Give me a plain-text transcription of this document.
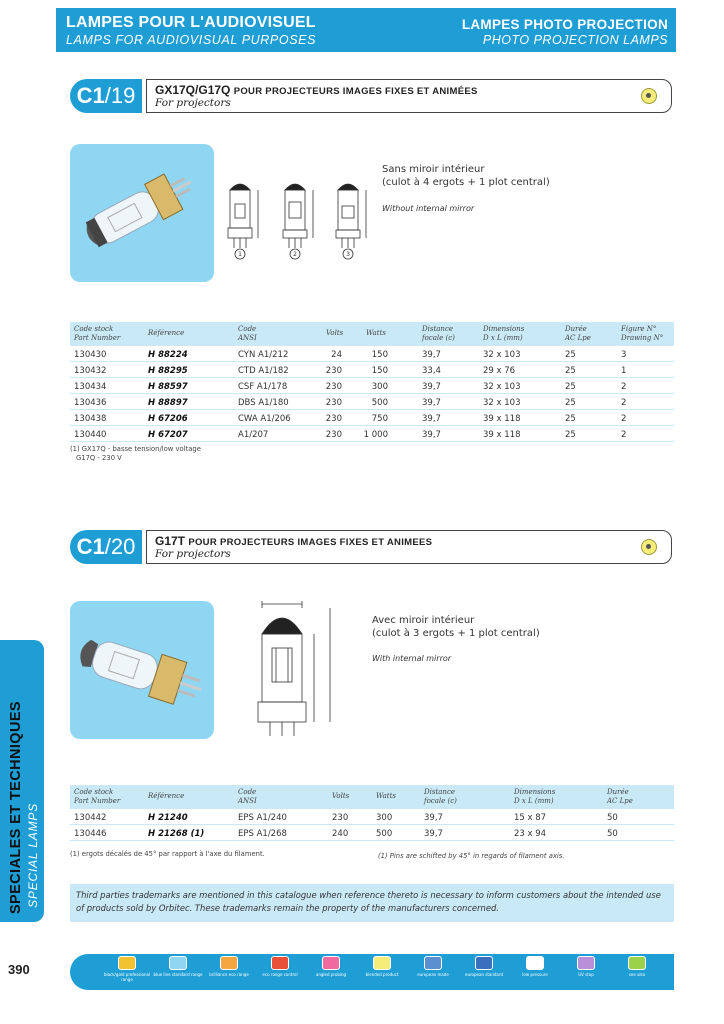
LAMPES POUR L'AUDIOVISUEL
LAMPS FOR AUDIOVISUAL PURPOSES
LAMPES PHOTO PROJECTION
PHOTO PROJECTION LAMPS
C1 /19 GX17Q/G17Q POUR PROJECTEURS IMAGES FIXES ET ANIMÉES
For projectors
1	2	3
Sans miroir intérieur
(culot à 4 ergots + 1 plot central)
Without internal mirror
Code stock
Part Number
Référence	Code
ANSI
Volts	Watts	Distance
focale (c)
Dimensions
D x L (mm)
Durée
AC Lpe
Figure N°
Drawing N°
130430	H 88224	CYN A1/212	24	150	39,7	32 x 103	25	3
130432	H 88295	CTD A1/182	230	150	33,4	29 x 76	25	1
130434	H 88597	CSF A1/178	230	300	39,7	32 x 103	25	2
130436	H 88897	DBS A1/180	230	500	39,7	32 x 103	25	2
130438	H 67206	CWA A1/206	230	750	39,7	39 x 118	25	2
130440	H 67207	A1/207	230	1 000	39,7	39 x 118	25	2
(1) GX17Q - basse tension/low voltage
G17Q - 230 V
C1 /20 G17T POUR PROJECTEURS IMAGES FIXES ET ANIMEES
For projectors
Avec miroir intérieur
(culot à 3 ergots + 1 plot central)
With internal mirror
Code stock
Part Number
Référence	Code
ANSI
Volts	Watts	Distance
focale (c)
Dimensions
D x L (mm)
Durée
AC Lpe
130442	H 21240	EPS A1/240	230	300	39,7	15 x 87	50
130446	H 21268 (1)	EPS A1/268	240	500	39,7	23 x 94	50
(1) ergots décalés de 45° par rapport à l'axe du filament.	(1) Pins are schifted by 45° in regards of filament axis.
Third parties trademarks are mentioned in this catalogue when reference thereto is necessary to inform customers about the intended use of products sold by Orbitec. These trademarks remain the property of the manufacturers concerned.
SPECIALES ET TECHNIQUES SPECIAL LAMPS
390	black/gold professional range
blue line standard range	brilliance eco range	eco range control	angled probing	blended product	european made	european standard	low pressure	UV stop	see also
